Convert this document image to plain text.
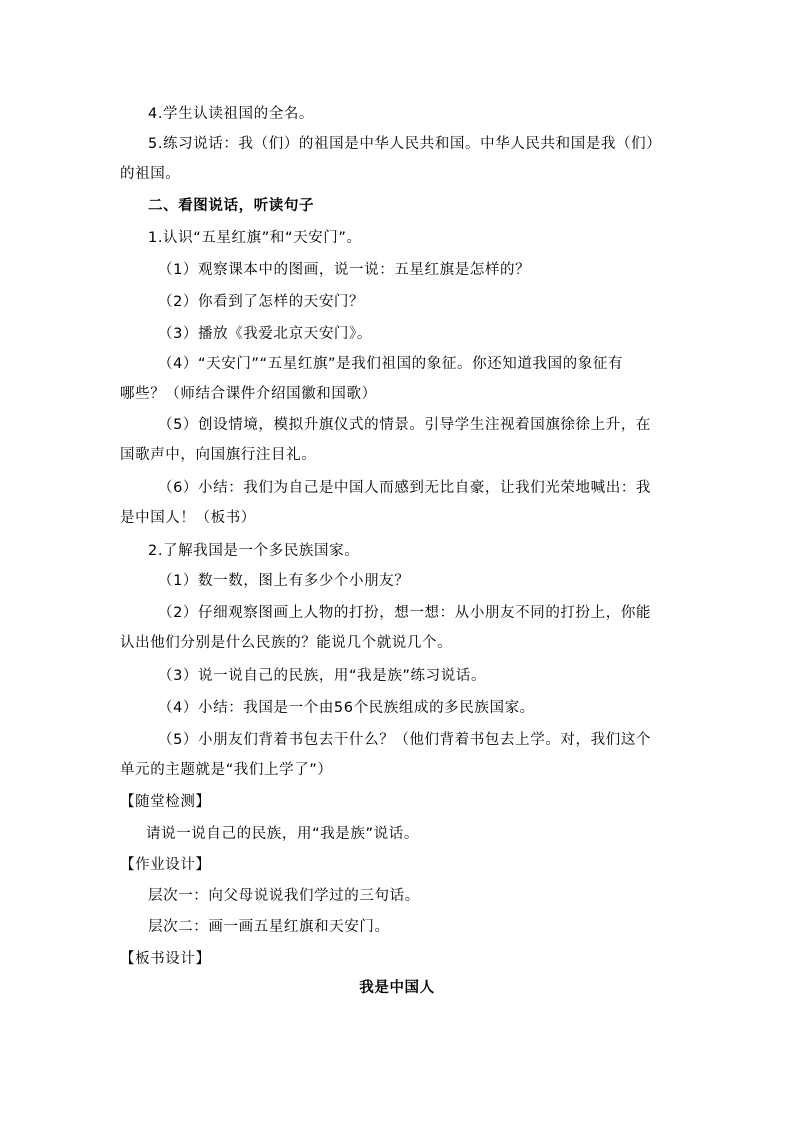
4.学生认读祖国的全名。
5.练习说话：我（们）的祖国是中华人民共和国。中华人民共和国是我（们）
的祖国。
二、看图说话，听读句子
1.认识“五星红旗”和“天安门”。
（1）观察课本中的图画，说一说：五星红旗是怎样的？
（2）你看到了怎样的天安门？
（3）播放《我爱北京天安门》。
（4）“天安门”“五星红旗”是我们祖国的象征。你还知道我国的象征有
哪些？（师结合课件介绍国徽和国歌）
（5）创设情境，模拟升旗仪式的情景。引导学生注视着国旗徐徐上升，在
国歌声中，向国旗行注目礼。
（6）小结：我们为自己是中国人而感到无比自豪，让我们光荣地喊出：我
是中国人！（板书）
2.了解我国是一个多民族国家。
（1）数一数，图上有多少个小朋友？
（2）仔细观察图画上人物的打扮，想一想：从小朋友不同的打扮上，你能
认出他们分别是什么民族的？能说几个就说几个。
（3）说一说自己的民族，用“我是族”练习说话。
（4）小结：我国是一个由56个民族组成的多民族国家。
（5）小朋友们背着书包去干什么？（他们背着书包去上学。对，我们这个
单元的主题就是“我们上学了”）
【随堂检测】
请说一说自己的民族，用“我是族”说话。
【作业设计】
层次一：向父母说说我们学过的三句话。
层次二：画一画五星红旗和天安门。
【板书设计】
我是中国人
